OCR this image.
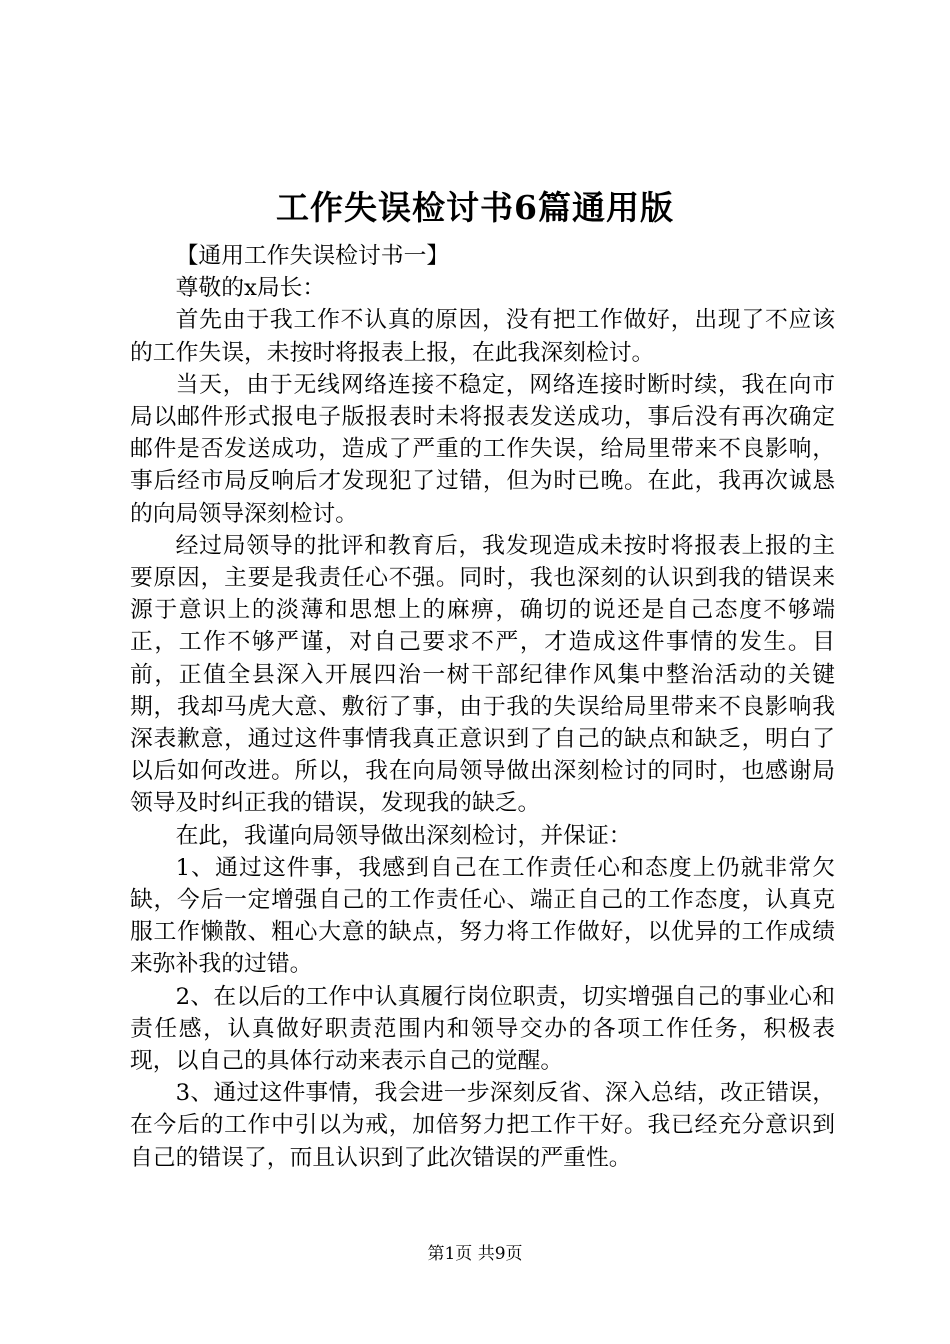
工作失误检讨书6篇通用版

【通用工作失误检讨书一】

尊敬的x局长：

首先由于我工作不认真的原因，没有把工作做好，出现了不应该的工作失误，未按时将报表上报，在此我深刻检讨。

当天，由于无线网络连接不稳定，网络连接时断时续，我在向市局以邮件形式报电子版报表时未将报表发送成功，事后没有再次确定邮件是否发送成功，造成了严重的工作失误，给局里带来不良影响，事后经市局反响后才发现犯了过错，但为时已晚。在此，我再次诚恳的向局领导深刻检讨。

经过局领导的批评和教育后，我发现造成未按时将报表上报的主要原因，主要是我责任心不强。同时，我也深刻的认识到我的错误来源于意识上的淡薄和思想上的麻痹，确切的说还是自己态度不够端正，工作不够严谨，对自己要求不严，才造成这件事情的发生。目前，正值全县深入开展四治一树干部纪律作风集中整治活动的关键期，我却马虎大意、敷衍了事，由于我的失误给局里带来不良影响我深表歉意，通过这件事情我真正意识到了自己的缺点和缺乏，明白了以后如何改进。所以，我在向局领导做出深刻检讨的同时，也感谢局领导及时纠正我的错误，发现我的缺乏。

在此，我谨向局领导做出深刻检讨，并保证：

1、通过这件事，我感到自己在工作责任心和态度上仍就非常欠缺，今后一定增强自己的工作责任心、端正自己的工作态度，认真克服工作懒散、粗心大意的缺点，努力将工作做好，以优异的工作成绩来弥补我的过错。

2、在以后的工作中认真履行岗位职责，切实增强自己的事业心和责任感，认真做好职责范围内和领导交办的各项工作任务，积极表现，以自己的具体行动来表示自己的觉醒。

3、通过这件事情，我会进一步深刻反省、深入总结，改正错误，在今后的工作中引以为戒，加倍努力把工作干好。我已经充分意识到自己的错误了，而且认识到了此次错误的严重性。

第1页 共9页
